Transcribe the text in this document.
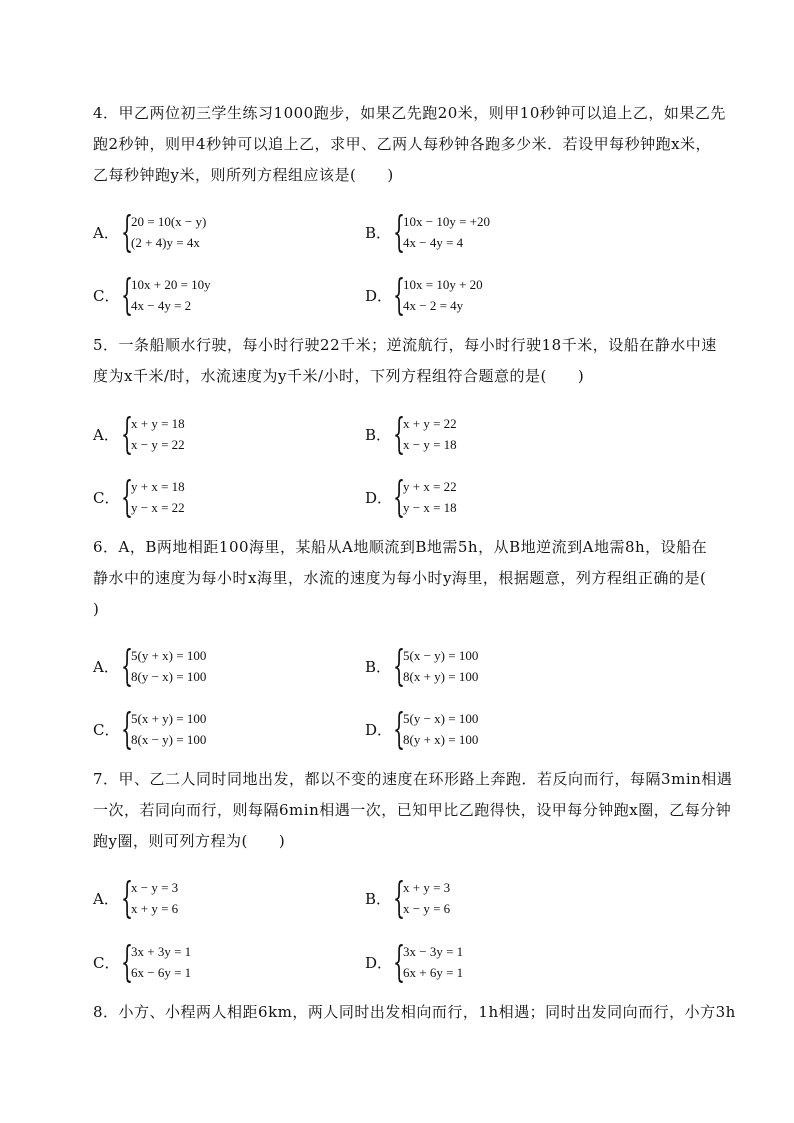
4．甲乙两位初三学生练习1000跑步，如果乙先跑20米，则甲10秒钟可以追上乙，如果乙先
跑2秒钟，则甲4秒钟可以追上乙，求甲、乙两人每秒钟各跑多少米．若设甲每秒钟跑x米，
乙每秒钟跑y米，则所列方程组应该是(　　)
A． {
20 = 10(x − y)
(2 + 4)y = 4x
B． {
10x − 10y = +20
4x − 4y = 4
C． {
10x + 20 = 10y
4x − 4y = 2
D． {
10x = 10y + 20
4x − 2 = 4y
5．一条船顺水行驶，每小时行驶22千米；逆流航行，每小时行驶18千米，设船在静水中速
度为x千米/时，水流速度为y千米/小时，下列方程组符合题意的是(　　)
A． {
x + y = 18
x − y = 22
B． {
x + y = 22
x − y = 18
C． {
y + x = 18
y − x = 22
D． {
y + x = 22
y − x = 18
6．A，B两地相距100海里，某船从A地顺流到B地需5h，从B地逆流到A地需8h，设船在
静水中的速度为每小时x海里，水流的速度为每小时y海里，根据题意，列方程组正确的是(
)
A． {
5(y + x) = 100
8(y − x) = 100
B． {
5(x − y) = 100
8(x + y) = 100
C． {
5(x + y) = 100
8(x − y) = 100
D． {
5(y − x) = 100
8(y + x) = 100
7．甲、乙二人同时同地出发，都以不变的速度在环形路上奔跑．若反向而行，每隔3min相遇
一次，若同向而行，则每隔6min相遇一次，已知甲比乙跑得快，设甲每分钟跑x圈，乙每分钟
跑y圈，则可列方程为(　　)
A． {
x − y = 3
x + y = 6
B． {
x + y = 3
x − y = 6
C． {
3x + 3y = 1
6x − 6y = 1
D． {
3x − 3y = 1
6x + 6y = 1
8．小方、小程两人相距6km，两人同时出发相向而行，1h相遇；同时出发同向而行，小方3h
